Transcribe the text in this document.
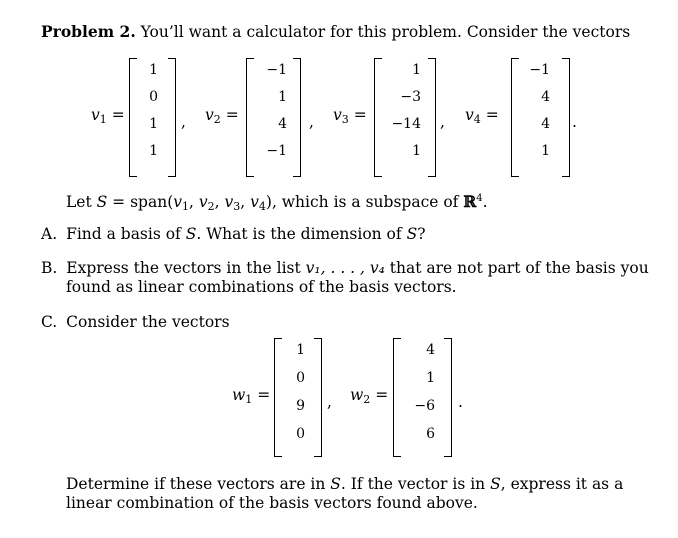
Problem 2. You’ll want a calculator for this problem. Consider the vectors
$v_1$ =
1
0
1
1
, $v_2$ =
−1
1
4
−1
, $v_3$ =
1
−3
−14
1
, $v_4$ =
−1
4
4
1
.
Let $S = span(v_1$, $v_2$, $v_3$, $v_4$), which is a subspace of ℝ$^4$.
A. Find a basis of S. What is the dimension of S?
B. Express the vectors in the list v₁, . . . , v₄ that are not part of the basis you
found as linear combinations of the basis vectors.
C. Consider the vectors
$w_1$ =
1
0
9
0
, $w_2$ =
4
1
−6
6
.
Determine if these vectors are in S. If the vector is in S, express it as a
linear combination of the basis vectors found above.
